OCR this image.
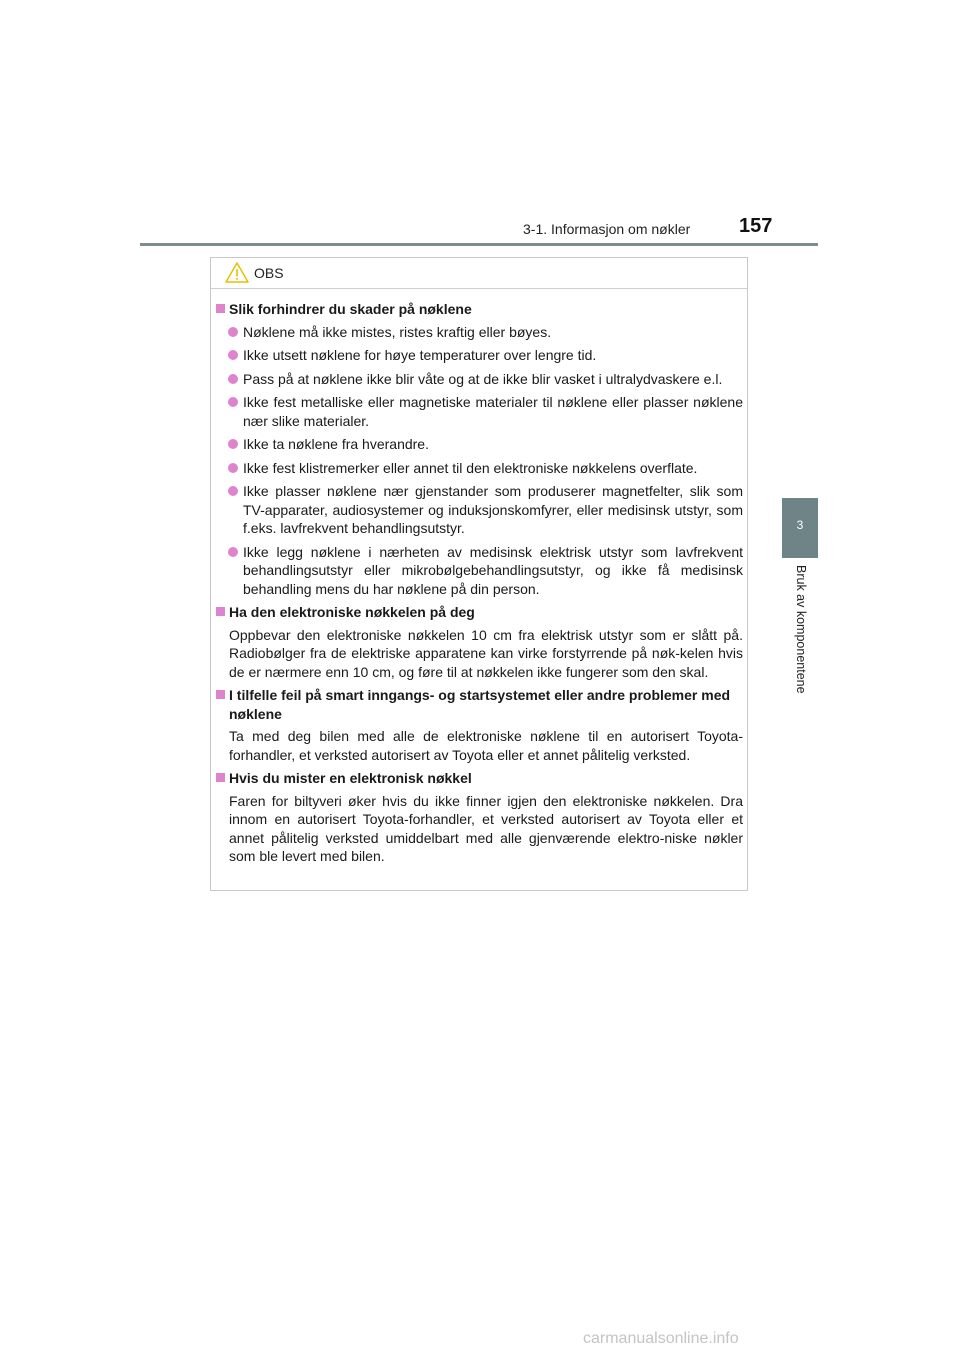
3-1. Informasjon om nøkler 157
3
Bruk av komponentene
OBS
Slik forhindrer du skader på nøklene
Nøklene må ikke mistes, ristes kraftig eller bøyes.
Ikke utsett nøklene for høye temperaturer over lengre tid.
Pass på at nøklene ikke blir våte og at de ikke blir vasket i ultralydvaskere e.l.
Ikke fest metalliske eller magnetiske materialer til nøklene eller plasser nøklene nær slike materialer.
Ikke ta nøklene fra hverandre.
Ikke fest klistremerker eller annet til den elektroniske nøkkelens overflate.
Ikke plasser nøklene nær gjenstander som produserer magnetfelter, slik som TV-apparater, audiosystemer og induksjonskomfyrer, eller medisinsk utstyr, som f.eks. lavfrekvent behandlingsutstyr.
Ikke legg nøklene i nærheten av medisinsk elektrisk utstyr som lavfrekvent behandlingsutstyr eller mikrobølgebehandlingsutstyr, og ikke få medisinsk behandling mens du har nøklene på din person.
Ha den elektroniske nøkkelen på deg
Oppbevar den elektroniske nøkkelen 10 cm fra elektrisk utstyr som er slått på. Radiobølger fra de elektriske apparatene kan virke forstyrrende på nøk-kelen hvis de er nærmere enn 10 cm, og føre til at nøkkelen ikke fungerer som den skal.
I tilfelle feil på smart inngangs- og startsystemet eller andre problemer med nøklene
Ta med deg bilen med alle de elektroniske nøklene til en autorisert Toyota-forhandler, et verksted autorisert av Toyota eller et annet pålitelig verksted.
Hvis du mister en elektronisk nøkkel
Faren for biltyveri øker hvis du ikke finner igjen den elektroniske nøkkelen. Dra innom en autorisert Toyota-forhandler, et verksted autorisert av Toyota eller et annet pålitelig verksted umiddelbart med alle gjenværende elektro-niske nøkler som ble levert med bilen.
carmanualsonline.info
